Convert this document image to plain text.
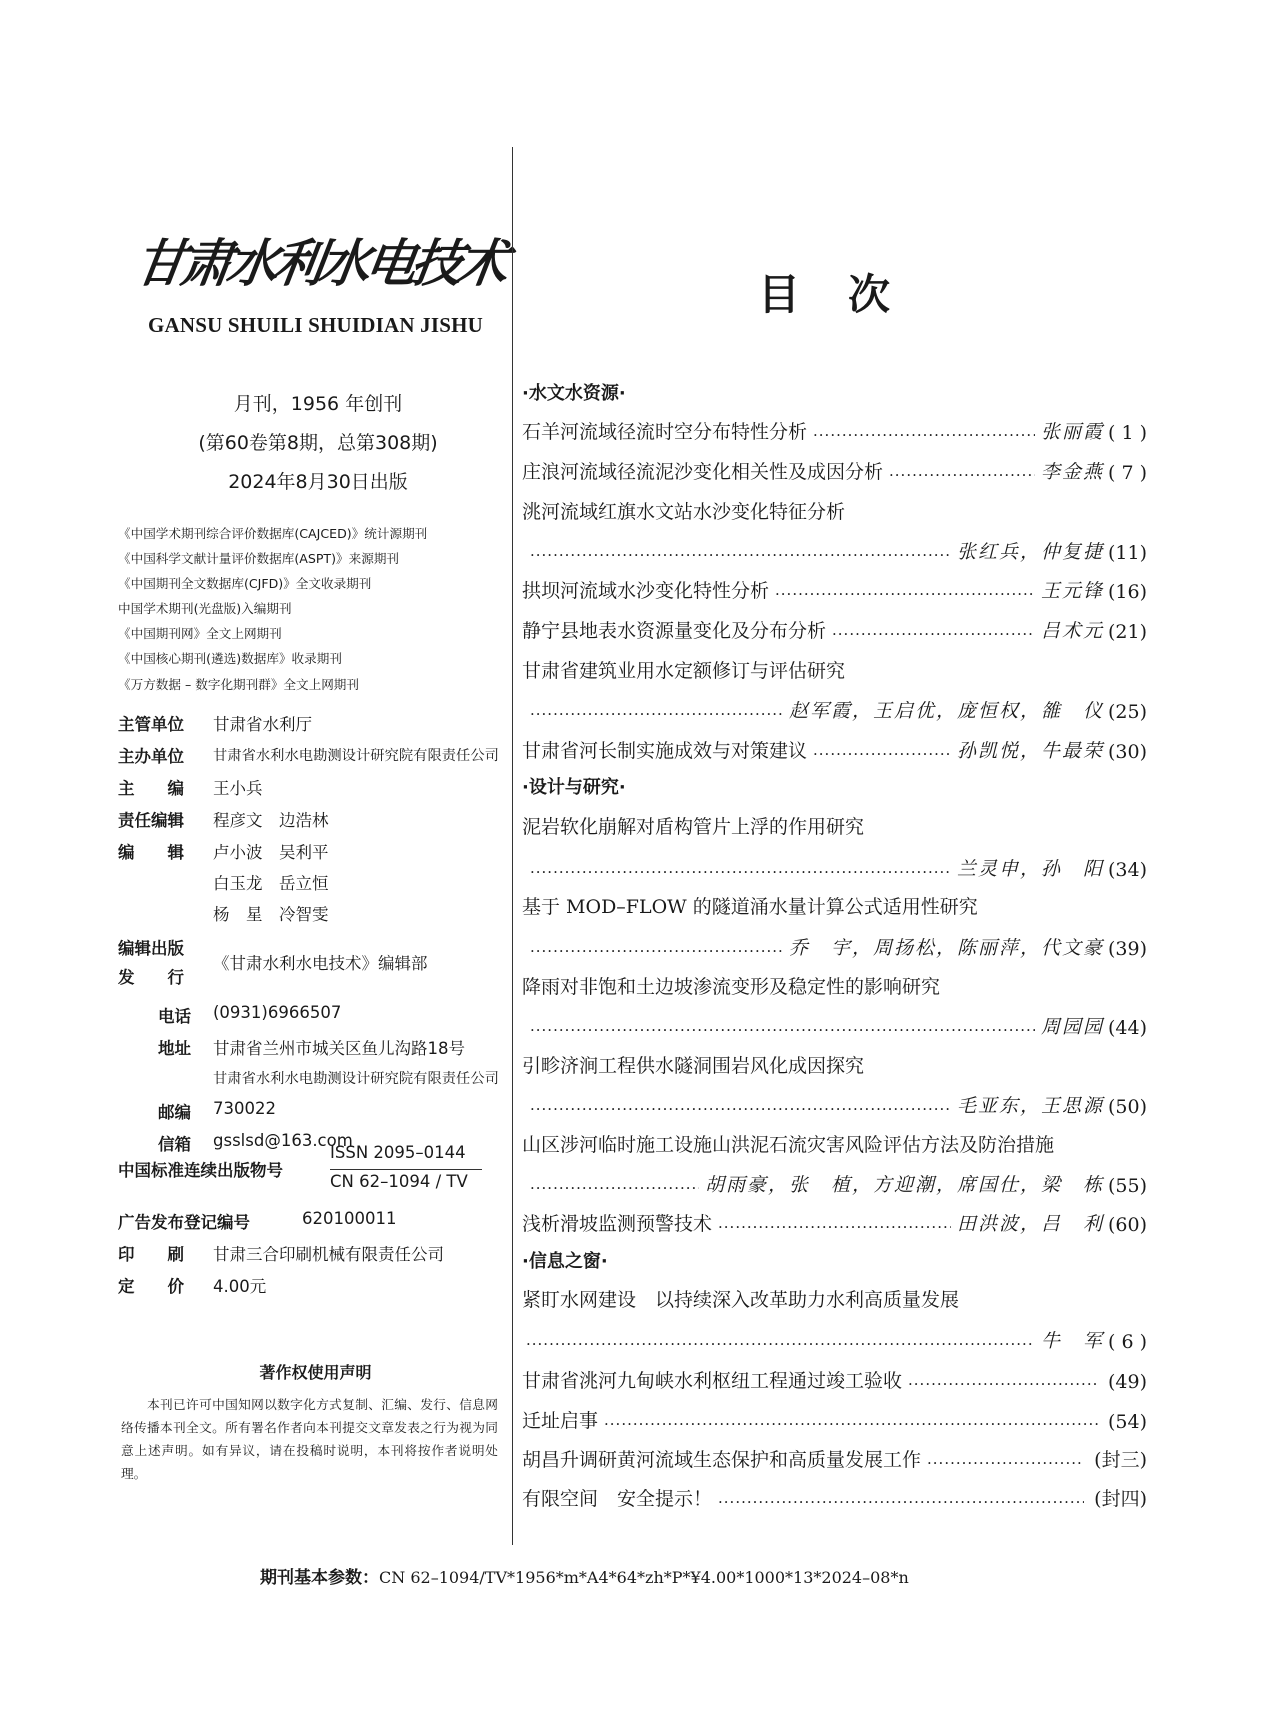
甘肃水利水电技术
GANSU SHUILI SHUIDIAN JISHU
月刊，1956 年创刊
(第60卷第8期，总第308期)
2024年8月30日出版
《中国学术期刊综合评价数据库(CAJCED)》统计源期刊
《中国科学文献计量评价数据库(ASPT)》来源期刊
《中国期刊全文数据库(CJFD)》全文收录期刊
中国学术期刊(光盘版)入编期刊
《中国期刊网》全文上网期刊
《中国核心期刊(遴选)数据库》收录期刊
《万方数据 – 数字化期刊群》全文上网期刊
主管单位 甘肃省水利厅
主办单位 甘肃省水利水电勘测设计研究院有限责任公司
主　　编 王小兵
责任编辑 程彦文　边浩林
编　　辑 卢小波　吴利平
白玉龙　岳立恒
杨　星　冷智雯
编辑出版
发　　行
《甘肃水利水电技术》编辑部
电话 (0931)6966507
地址 甘肃省兰州市城关区鱼儿沟路18号
甘肃省水利水电勘测设计研究院有限责任公司
邮编 730022
信箱 gsslsd@163.com
中国标准连续出版物号
ISSN 2095–0144
CN 62–1094 / TV
广告发布登记编号	620100011
印　　刷 甘肃三合印刷机械有限责任公司
定　　价 4.00元
著作权使用声明
　　本刊已许可中国知网以数字化方式复制、汇编、发行、信息网络传播本刊全文。所有署名作者向本刊提交文章发表之行为视为同意上述声明。如有异议，请在投稿时说明，本刊将按作者说明处理。
目次
·水文水资源·
石羊河流域径流时空分布特性分析 ·····	张丽霞 ( 1 )
庄浪河流域径流泥沙变化相关性及成因分析 ·····	李金燕 ( 7 )
洮河流域红旗水文站水沙变化特征分析
·····
张红兵，仲复捷 (11)
拱坝河流域水沙变化特性分析 ·····	王元锋 (16)
静宁县地表水资源量变化及分布分析 ·····	吕术元 (21)
甘肃省建筑业用水定额修订与评估研究
·····
赵军霞，王启优，庞恒权，雒　仪 (25)
甘肃省河长制实施成效与对策建议 ·····	孙凯悦，牛最荣 (30)
·设计与研究·
泥岩软化崩解对盾构管片上浮的作用研究
·····
兰灵申，孙　阳 (34)
基于 MOD–FLOW 的隧道涌水量计算公式适用性研究
·····
乔　宇，周扬松，陈丽萍，代文豪 (39)
降雨对非饱和土边坡渗流变形及稳定性的影响研究
·····
周园园 (44)
引畛济涧工程供水隧洞围岩风化成因探究
·····
毛亚东，王思源 (50)
山区涉河临时施工设施山洪泥石流灾害风险评估方法及防治措施
·····
胡雨豪，张　植，方迎潮，席国仕，梁　栋 (55)
浅析滑坡监测预警技术 ·····	田洪波，吕　利 (60)
·信息之窗·
紧盯水网建设　以持续深入改革助力水利高质量发展
·····
牛　军 ( 6 )
甘肃省洮河九甸峡水利枢纽工程通过竣工验收 ·····	(49)
迁址启事 ·····	(54)
胡昌升调研黄河流域生态保护和高质量发展工作 ·····	(封三)
有限空间　安全提示！ ·····	(封四)
期刊基本参数：CN 62–1094/TV*1956*m*A4*64*zh*P*¥4.00*1000*13*2024–08*n
